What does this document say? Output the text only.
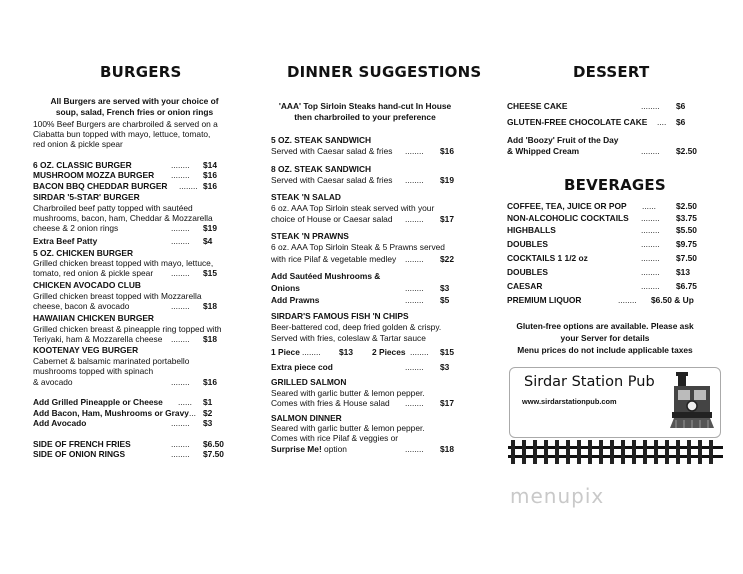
BURGERS
All Burgers are served with your choice of
soup, salad, French fries or onion rings
100% Beef Burgers are charbroiled & served on a
Ciabatta bun topped with mayo, lettuce, tomato,
red onion & pickle spear
6 OZ. CLASSIC BURGER	........ $14
MUSHROOM MOZZA BURGER ........ $16
BACON BBQ CHEDDAR BURGER ........ $16
SIRDAR '5-STAR' BURGER
Charbroiled beef patty topped with sautéed
mushrooms, bacon, ham, Cheddar & Mozzarella
cheese & 2 onion rings	........ $19
Extra Beef Patty	........ $4
5 OZ. CHICKEN BURGER
Grilled chicken breast topped with mayo, lettuce,
tomato, red onion & pickle spear ........ $15
CHICKEN AVOCADO CLUB
Grilled chicken breast topped with Mozzarella
cheese, bacon & avocado	........ $18
HAWAIIAN CHICKEN BURGER
Grilled chicken breast & pineapple ring topped with
Teriyaki, ham & Mozzarella cheese ........ $18
KOOTENAY VEG BURGER
Cabernet & balsamic marinated portabello
mushrooms topped with spinach
& avocado	........ $16
Add Grilled Pineapple or Cheese ...... $1
Add Bacon, Ham, Mushrooms or Gravy ... $2
Add Avocado	........ $3
SIDE OF FRENCH FRIES	........ $6.50
SIDE OF ONION RINGS	........ $7.50
DINNER SUGGESTIONS
'AAA' Top Sirloin Steaks hand-cut In House
then charbroiled to your preference
5 OZ. STEAK SANDWICH
Served with Caesar salad & fries ........ $16
8 OZ. STEAK SANDWICH
Served with Caesar salad & fries ........ $19
STEAK 'N SALAD
6 oz. AAA Top Sirloin steak served with your
choice of House or Caesar salad ........ $17
STEAK 'N PRAWNS
6 oz. AAA Top Sirloin Steak & 5 Prawns served
with rice Pilaf & vegetable medley ........ $22
Add Sautéed Mushrooms &
Onions	........ $3
Add Prawns	........ $5
SIRDAR'S FAMOUS FISH 'N CHIPS
Beer-battered cod, deep fried golden & crispy.
Served with fries, coleslaw & Tartar sauce
1 Piece ........ $13 2 Pieces ........ $15
Extra piece cod	........ $3
GRILLED SALMON
Seared with garlic butter & lemon pepper.
Comes with fries & House salad ........ $17
SALMON DINNER
Seared with garlic butter & lemon pepper.
Comes with rice Pilaf & veggies or
Surprise Me! option	........ $18
DESSERT
CHEESE CAKE	........ $6
GLUTEN-FREE CHOCOLATE CAKE .... $6
Add 'Boozy' Fruit of the Day
& Whipped Cream	........ $2.50
BEVERAGES
COFFEE, TEA, JUICE OR POP ...... $2.50
NON-ALCOHOLIC COCKTAILS ........ $3.75
HIGHBALLS	........ $5.50
DOUBLES	........ $9.75
COCKTAILS 1 1/2 oz	........ $7.50
DOUBLES	........ $13
CAESAR	........ $6.75
PREMIUM LIQUOR	........ $6.50 & Up
Gluten-free options are available. Please ask
your Server for details
Menu prices do not include applicable taxes
Sirdar Station Pub
www.sirdarstationpub.com
menupix
